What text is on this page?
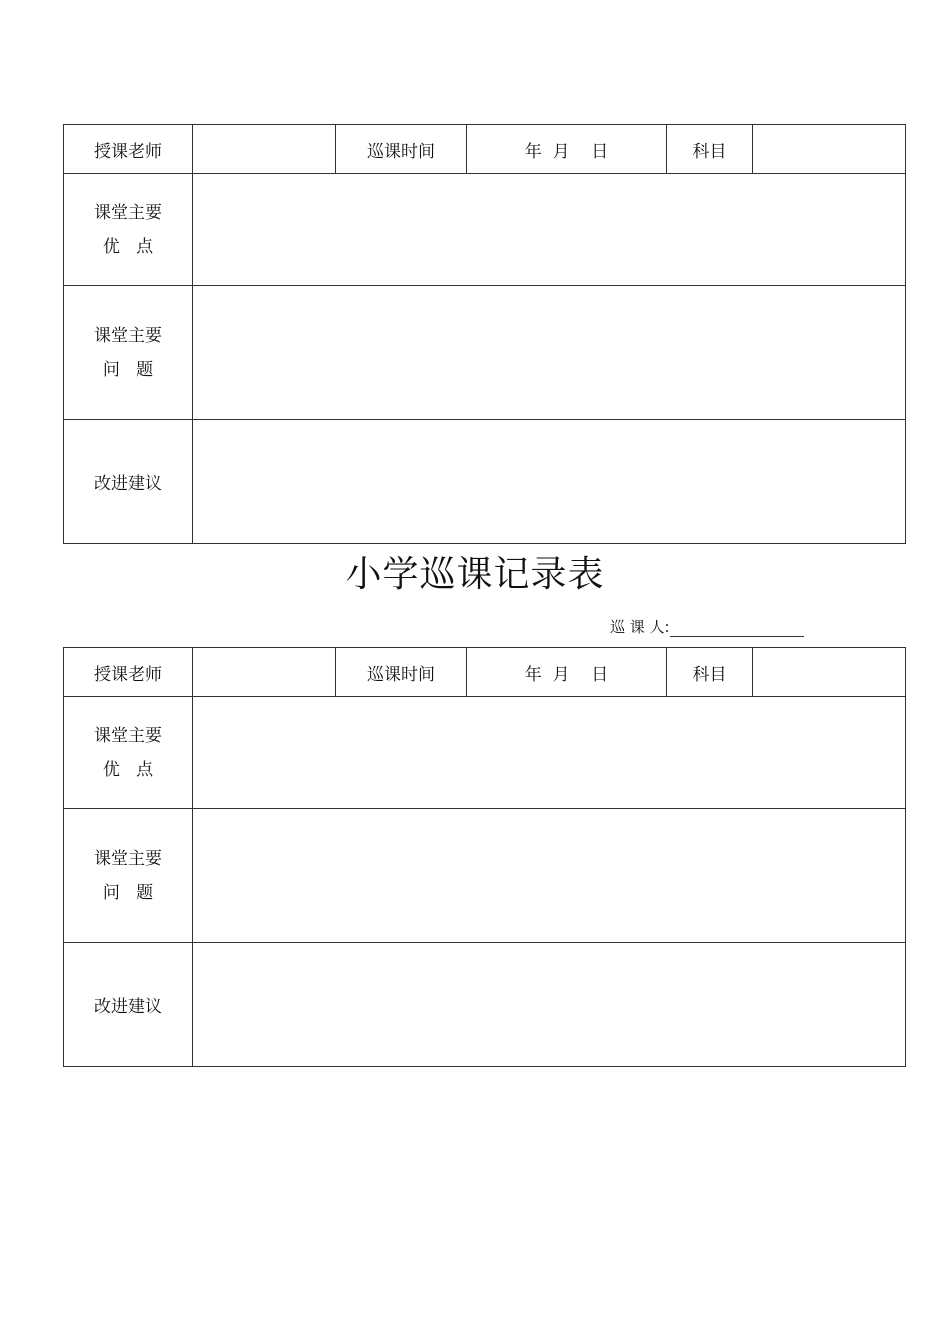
授课老师		巡课时间	年  月    日	科目	

课堂主要
优   点					

课堂主要
问   题					

改进建议					
小学巡课记录表
巡 课 人:
授课老师		巡课时间	年  月    日	科目	

课堂主要
优   点					

课堂主要
问   题					

改进建议					
